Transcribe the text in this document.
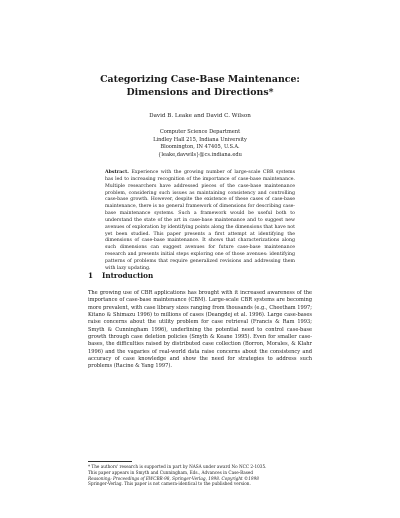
Categorizing Case-Base Maintenance:
Dimensions and Directions*
David B. Leake and David C. Wilson
Computer Science Department
Lindley Hall 215, Indiana University
Bloomington, IN 47405, U.S.A.
{leake,davwils}@cs.indiana.edu
Abstract. Experience with the growing number of large-scale CBR systems has led to increasing recognition of the importance of case-base maintenance. Multiple researchers have addressed pieces of the case-base maintenance problem, considering such issues as maintaining consistency and controlling case-base growth. However, despite the existence of these cases of case-base maintenance, there is no general framework of dimensions for describing case-base maintenance systems. Such a framework would be useful both to understand the state of the art in case-base maintenance and to suggest new avenues of exploration by identifying points along the dimensions that have not yet been studied. This paper presents a first attempt at identifying the dimensions of case-base maintenance. It shows that characterizations along such dimensions can suggest avenues for future case-base maintenance research and presents initial steps exploring one of those avenues: identifying patterns of problems that require generalized revisions and addressing them with lazy updating.
1 Introduction
The growing use of CBR applications has brought with it increased awareness of the importance of case-base maintenance (CBM). Large-scale CBR systems are becoming more prevalent, with case library sizes ranging from thousands (e.g., Cheetham 1997; Kitano & Shimazu 1996) to millions of cases (Deangdej et al. 1996). Large case-bases raise concerns about the utility problem for case retrieval (Francis & Ram 1993; Smyth & Cunningham 1996), underlining the potential need to control case-base growth through case deletion policies (Smyth & Keane 1995). Even for smaller case-bases, the difficulties raised by distributed case collection (Borron, Morales, & Klahr 1996) and the vagaries of real-world data raise concerns about the consistency and accuracy of case knowledge and show the need for strategies to address such problems (Racine & Yang 1997).
* The authors' research is supported in part by NASA under award No NCC 2-1035.
This paper appears in Smyth and Cunningham, Eds., Advances in Case-Based
Reasoning: Proceedings of EWCBR-98, Springer-Verlag, 1998. Copyright ©1998
Springer-Verlag. This paper is not camera-identical to the published version.
